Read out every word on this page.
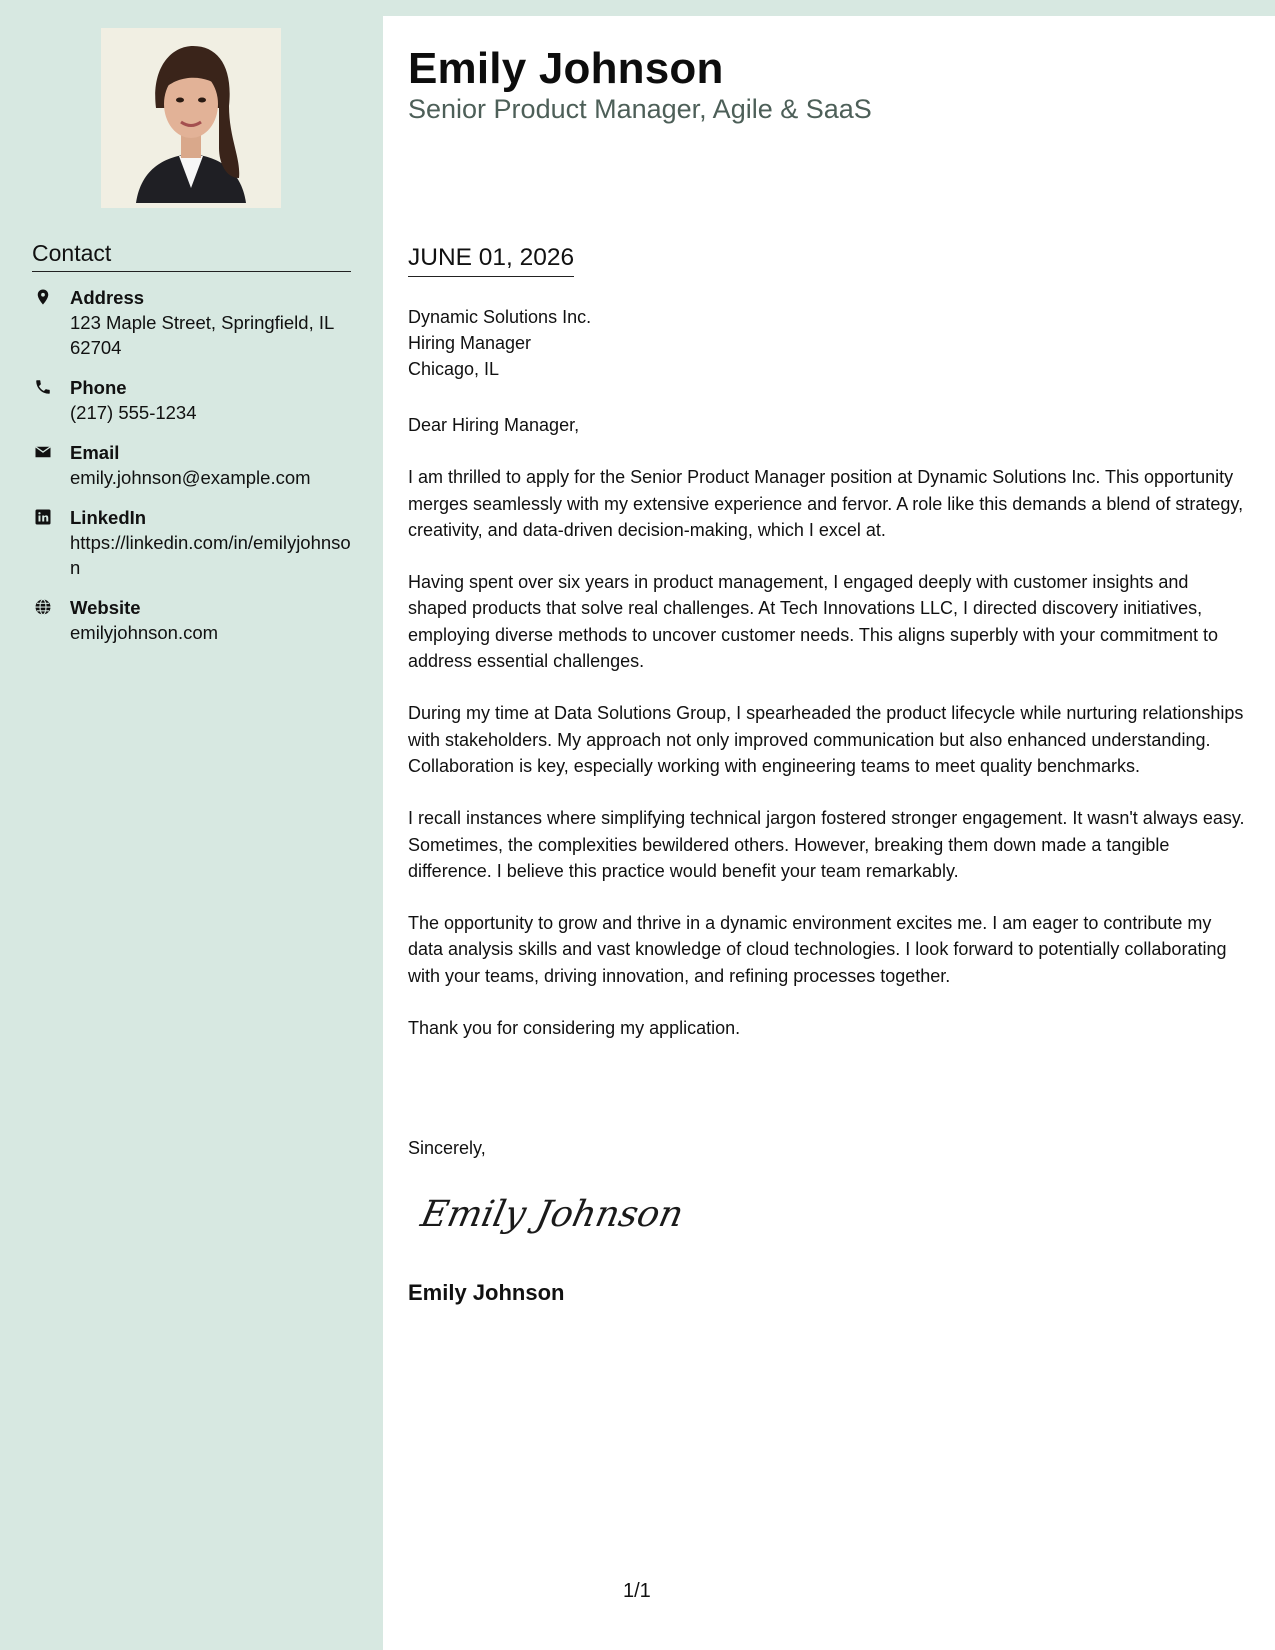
Contact
Address
123 Maple Street, Springfield, IL 62704
Phone
(217) 555-1234
Email
emily.johnson@example.com
LinkedIn
https://linkedin.com/in/emilyjohnson
Website
emilyjohnson.com
Emily Johnson
Senior Product Manager, Agile & SaaS
JUNE 01, 2026
Dynamic Solutions Inc.
Hiring Manager
Chicago, IL

Dear Hiring Manager,

I am thrilled to apply for the Senior Product Manager position at Dynamic Solutions Inc. This opportunity merges seamlessly with my extensive experience and fervor. A role like this demands a blend of strategy, creativity, and data-driven decision-making, which I excel at.

Having spent over six years in product management, I engaged deeply with customer insights and shaped products that solve real challenges. At Tech Innovations LLC, I directed discovery initiatives, employing diverse methods to uncover customer needs. This aligns superbly with your commitment to address essential challenges.

During my time at Data Solutions Group, I spearheaded the product lifecycle while nurturing relationships with stakeholders. My approach not only improved communication but also enhanced understanding. Collaboration is key, especially working with engineering teams to meet quality benchmarks.

I recall instances where simplifying technical jargon fostered stronger engagement. It wasn't always easy. Sometimes, the complexities bewildered others. However, breaking them down made a tangible difference. I believe this practice would benefit your team remarkably.

The opportunity to grow and thrive in a dynamic environment excites me. I am eager to contribute my data analysis skills and vast knowledge of cloud technologies. I look forward to potentially collaborating with your teams, driving innovation, and refining processes together.

Thank you for considering my application.

Sincerely,
Emily Johnson
Emily Johnson
1/1
